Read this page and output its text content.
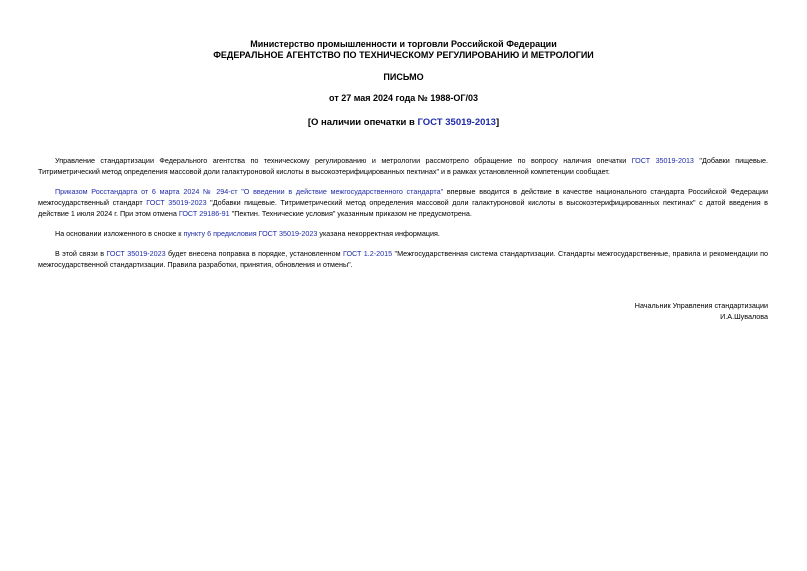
Министерство промышленности и торговли Российской Федерации
ФЕДЕРАЛЬНОЕ АГЕНТСТВО ПО ТЕХНИЧЕСКОМУ РЕГУЛИРОВАНИЮ И МЕТРОЛОГИИ
ПИСЬМО
от 27 мая 2024 года № 1988-ОГ/03
[О наличии опечатки в ГОСТ 35019-2013]

Управление стандартизации Федерального агентства по техническому регулированию и метрологии рассмотрело обращение по вопросу наличия опечатки ГОСТ 35019-2013 "Добавки пищевые. Титриметрический метод определения массовой доли галактуроновой кислоты в высокоэтерифицированных пектинах" и в рамках установленной компетенции сообщает.

Приказом Росстандарта от 6 марта 2024 № 294-ст "О введении в действие межгосударственного стандарта" впервые вводится в действие в качестве национального стандарта Российской Федерации межгосударственный стандарт ГОСТ 35019-2023 "Добавки пищевые. Титриметрический метод определения массовой доли галактуроновой кислоты в высокоэтерифицированных пектинах" с датой введения в действие 1 июля 2024 г. При этом отмена ГОСТ 29186-91 "Пектин. Технические условия" указанным приказом не предусмотрена.

На основании изложенного в сноске к пункту 6 предисловия ГОСТ 35019-2023 указана некорректная информация.

В этой связи в ГОСТ 35019-2023 будет внесена поправка в порядке, установленном ГОСТ 1.2-2015 "Межгосударственная система стандартизации. Стандарты межгосударственные, правила и рекомендации по межгосударственной стандартизации. Правила разработки, принятия, обновления и отмены".

Начальник Управления стандартизации
И.А.Шувалова
